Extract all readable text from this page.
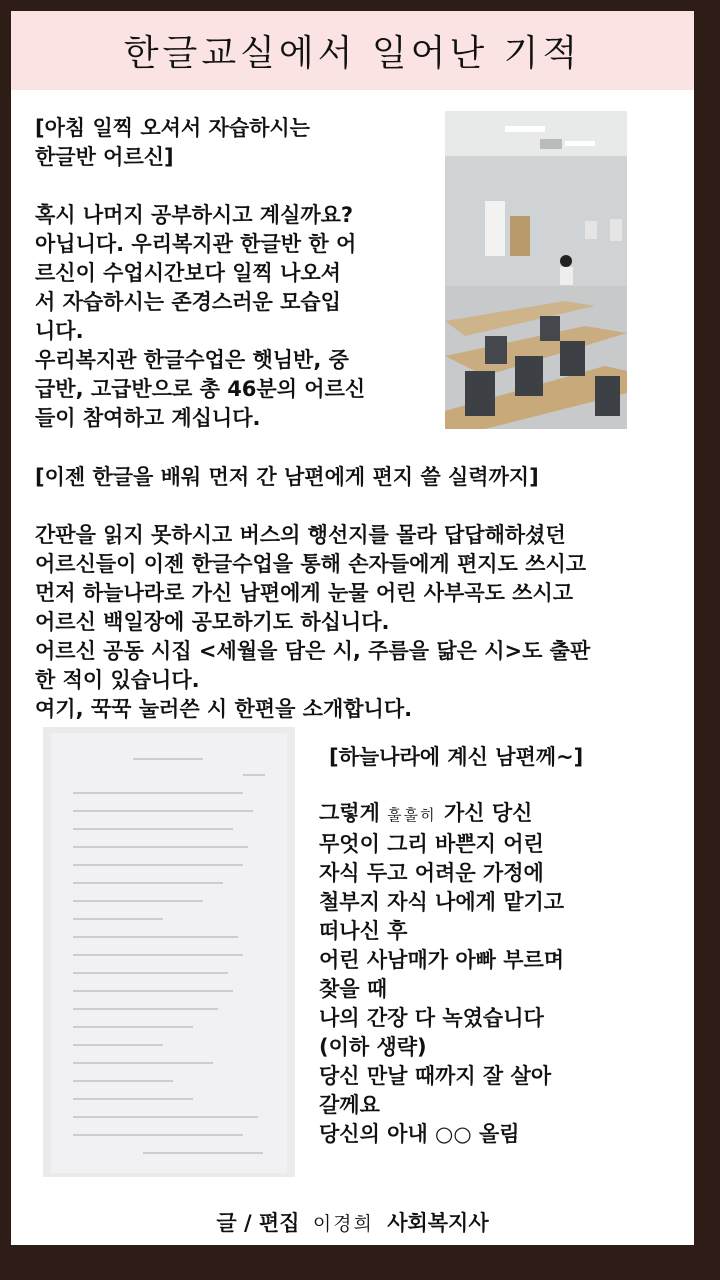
한글교실에서 일어난 기적
[아침 일찍 오셔서 자습하시는
한글반 어르신]
혹시 나머지 공부하시고 계실까요?
아닙니다. 우리복지관 한글반 한 어
르신이 수업시간보다 일찍 나오셔
서 자습하시는 존경스러운 모습입
니다.
우리복지관 한글수업은 햇님반, 중
급반, 고급반으로 총 46분의 어르신
들이 참여하고 계십니다.
[이젠 한글을 배워 먼저 간 남편에게 편지 쓸 실력까지]
간판을 읽지 못하시고 버스의 행선지를 몰라 답답해하셨던
어르신들이 이젠 한글수업을 통해 손자들에게 편지도 쓰시고
먼저 하늘나라로 가신 남편에게 눈물 어린 사부곡도 쓰시고
어르신 백일장에 공모하기도 하십니다.
어르신 공동 시집 <세월을 담은 시, 주름을 닮은 시>도 출판
한 적이 있습니다.
여기, 꾹꾹 눌러쓴 시 한편을 소개합니다.
[하늘나라에 계신 남편께~]
그렇게 훌훌히 가신 당신
무엇이 그리 바쁜지 어린
자식 두고 어려운 가정에
철부지 자식 나에게 맡기고
떠나신 후
어린 사남매가 아빠 부르며
찾을 때
나의 간장 다 녹였습니다
(이하 생략)
당신 만날 때까지 잘 살아
갈께요
당신의 아내 ○○ 올림
글 / 편집 이경희 사회복지사
